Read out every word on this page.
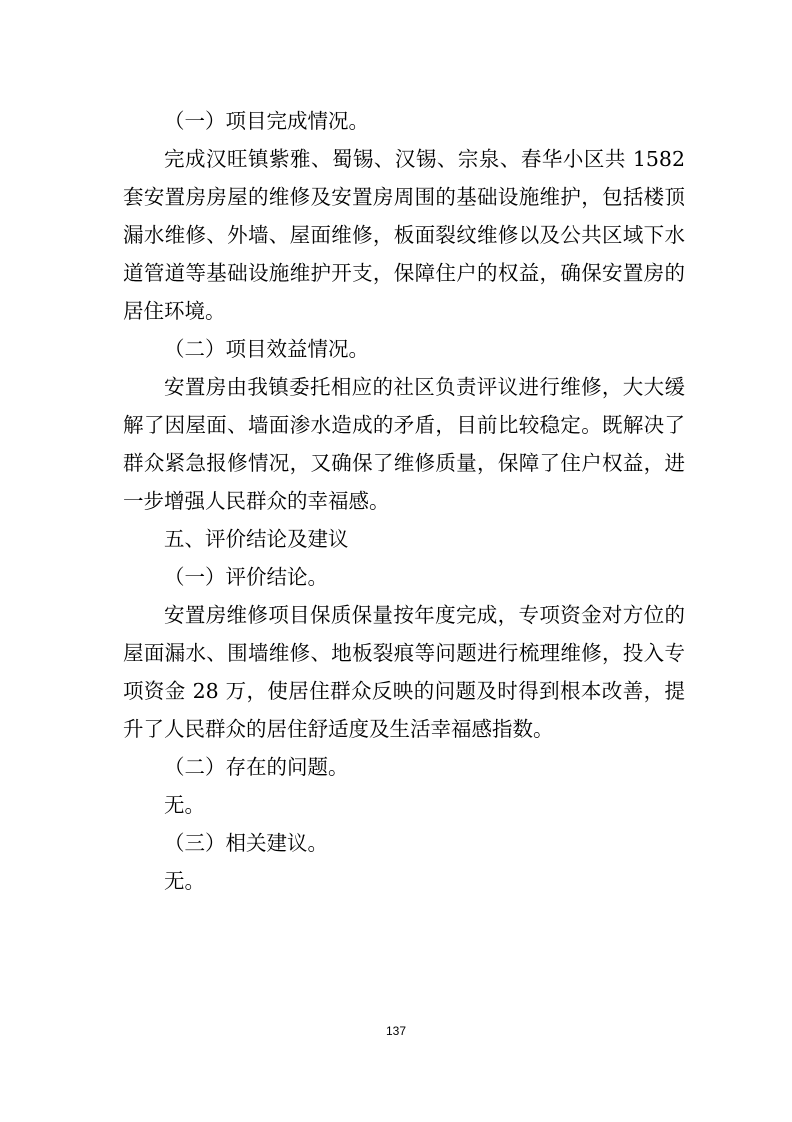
（一）项目完成情况。

完成汉旺镇紫雅、蜀锡、汉锡、宗泉、春华小区共 1582 套安置房房屋的维修及安置房周围的基础设施维护，包括楼顶漏水维修、外墙、屋面维修，板面裂纹维修以及公共区域下水道管道等基础设施维护开支，保障住户的权益，确保安置房的居住环境。

（二）项目效益情况。

安置房由我镇委托相应的社区负责评议进行维修，大大缓解了因屋面、墙面渗水造成的矛盾，目前比较稳定。既解决了群众紧急报修情况，又确保了维修质量，保障了住户权益，进一步增强人民群众的幸福感。

五、评价结论及建议

（一）评价结论。

安置房维修项目保质保量按年度完成，专项资金对方位的屋面漏水、围墙维修、地板裂痕等问题进行梳理维修，投入专项资金 28 万，使居住群众反映的问题及时得到根本改善，提升了人民群众的居住舒适度及生活幸福感指数。

（二）存在的问题。

无。

（三）相关建议。

无。

137
